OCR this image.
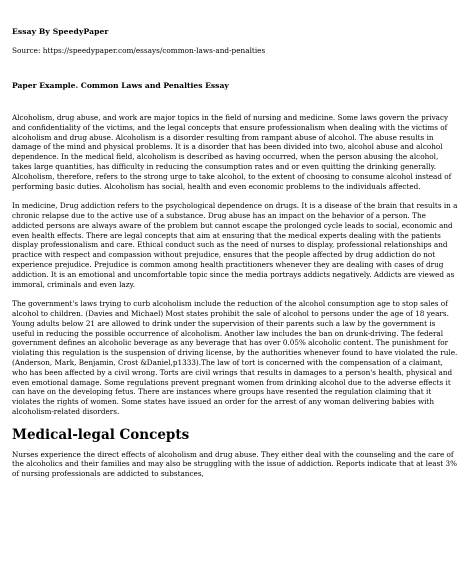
Essay By SpeedyPaper
Source: https://speedypaper.com/essays/common-laws-and-penalties
Paper Example. Common Laws and Penalties Essay

Alcoholism, drug abuse, and work are major topics in the field of nursing and medicine. Some laws govern the privacy and confidentiality of the victims, and the legal concepts that ensure professionalism when dealing with the victims of alcoholism and drug abuse. Alcoholism is a disorder resulting from rampant abuse of alcohol. The abuse results in damage of the mind and physical problems. It is a disorder that has been divided into two, alcohol abuse and alcohol dependence. In the medical field, alcoholism is described as having occurred, when the person abusing the alcohol, takes large quantities, has difficulty in reducing the consumption rates and or even quitting the drinking generally. Alcoholism, therefore, refers to the strong urge to take alcohol, to the extent of choosing to consume alcohol instead of performing basic duties. Alcoholism has social, health and even economic problems to the individuals affected.

In medicine, Drug addiction refers to the psychological dependence on drugs. It is a disease of the brain that results in a chronic relapse due to the active use of a substance. Drug abuse has an impact on the behavior of a person. The addicted persons are always aware of the problem but cannot escape the prolonged cycle leads to social, economic and even health effects. There are legal concepts that aim at ensuring that the medical experts dealing with the patients display professionalism and care. Ethical conduct such as the need of nurses to display, professional relationships and practice with respect and compassion without prejudice, ensures that the people affected by drug addiction do not experience prejudice. Prejudice is common among health practitioners whenever they are dealing with cases of drug addiction. It is an emotional and uncomfortable topic since the media portrays addicts negatively. Addicts are viewed as immoral, criminals and even lazy.

The government's laws trying to curb alcoholism include the reduction of the alcohol consumption age to stop sales of alcohol to children. (Davies and Michael) Most states prohibit the sale of alcohol to persons under the age of 18 years. Young adults below 21 are allowed to drink under the supervision of their parents such a law by the government is useful in reducing the possible occurrence of alcoholism. Another law includes the ban on drunk-driving. The federal government defines an alcoholic beverage as any beverage that has over 0.05% alcoholic content. The punishment for violating this regulation is the suspension of driving license, by the authorities whenever found to have violated the rule. (Anderson, Mark, Benjamin, Crost &Daniel,p1333).The law of tort is concerned with the compensation of a claimant, who has been affected by a civil wrong. Torts are civil wrings that results in damages to a person's health, physical and even emotional damage. Some regulations prevent pregnant women from drinking alcohol due to the adverse effects it can have on the developing fetus. There are instances where groups have resented the regulation claiming that it violates the rights of women. Some states have issued an order for the arrest of any woman delivering babies with alcoholism-related disorders.

Medical-legal Concepts

Nurses experience the direct effects of alcoholism and drug abuse. They either deal with the counseling and the care of the alcoholics and their families and may also be struggling with the issue of addiction. Reports indicate that at least 3% of nursing professionals are addicted to substances,
